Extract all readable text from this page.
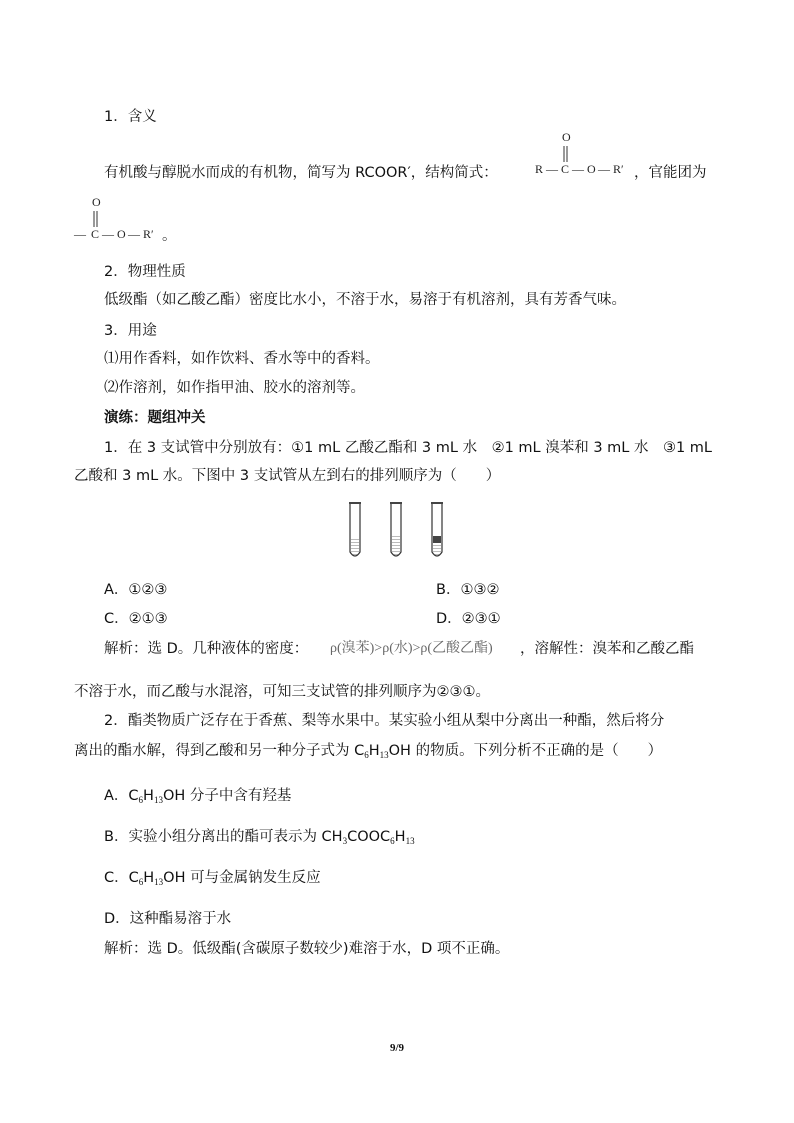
1．含义
O
R — C — O — R′
有机酸与醇脱水而成的有机物，简写为 RCOOR′，结构简式：	，官能团为
O
— C — O — R′ 。
2．物理性质
低级酯（如乙酸乙酯）密度比水小，不溶于水，易溶于有机溶剂，具有芳香气味。
3．用途
⑴用作香料，如作饮料、香水等中的香料。
⑵作溶剂，如作指甲油、胶水的溶剂等。
演练：题组冲关
1．在 3 支试管中分别放有：①1 mL 乙酸乙酯和 3 mL 水　②1 mL 溴苯和 3 mL 水　③1 mL
乙酸和 3 mL 水。下图中 3 支试管从左到右的排列顺序为（　　）
A．①②③	B．①③②
C．②①③	D．②③①
解析：选 D。几种液体的密度： ρ(溴苯)>ρ(水)>ρ(乙酸乙酯) ，溶解性：溴苯和乙酸乙酯
不溶于水，而乙酸与水混溶，可知三支试管的排列顺序为②③①。
2．酯类物质广泛存在于香蕉、梨等水果中。某实验小组从梨中分离出一种酯，然后将分
离出的酯水解，得到乙酸和另一种分子式为 $C_6H_{13}OH$ 的物质。下列分析不正确的是（　　）
A．$C_6H_{13}OH$ 分子中含有羟基
B．实验小组分离出的酯可表示为 $CH_3COOC_6H_{13}$
C．$C_6H_{13}OH$ 可与金属钠发生反应
D．这种酯易溶于水
解析：选 D。低级酯(含碳原子数较少)难溶于水，D 项不正确。
9/9
